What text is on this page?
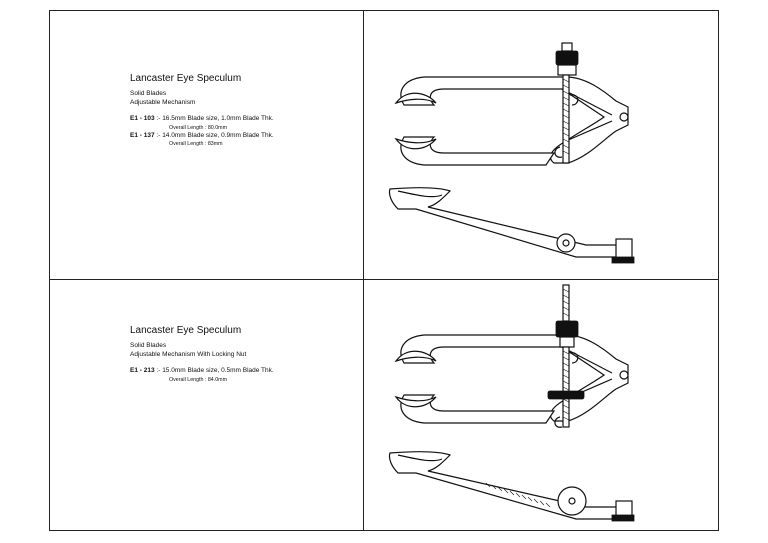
Lancaster Eye Speculum
Solid Blades
Adjustable Mechanism
E1 - 103
:-
16.5mm Blade size, 1.0mm Blade Thk.
Overall Length : 80.0mm
E1 - 137
:-
14.0mm Blade size, 0.9mm Blade Thk.
Overall Length : 83mm
Lancaster Eye Speculum
Solid Blades
Adjustable Mechanism With Locking Nut
E1 - 213
:-
15.0mm Blade size, 0.5mm Blade Thk.
Overall Length : 84.0mm
